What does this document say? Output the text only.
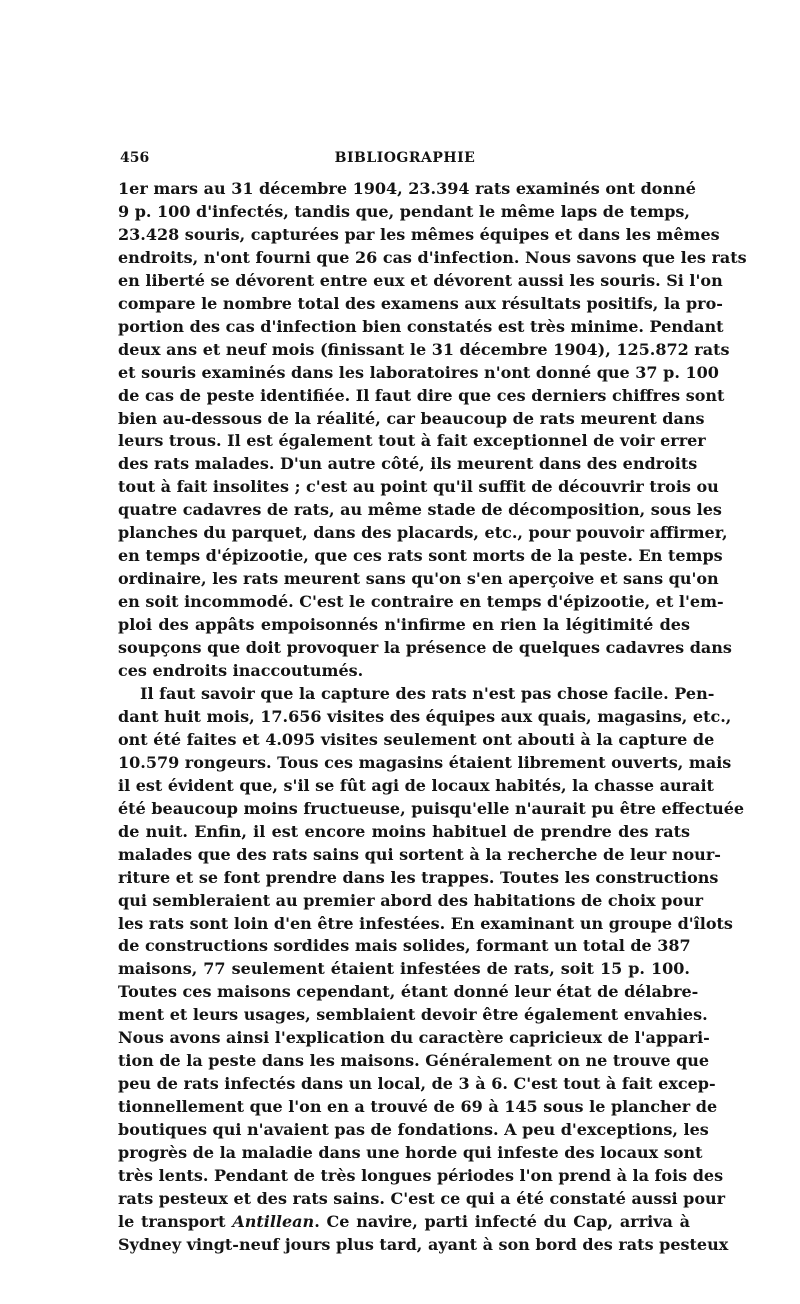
456	BIBLIOGRAPHIE
1er mars au 31 décembre 1904, 23.394 rats examinés ont donné
9 p. 100 d'infectés, tandis que, pendant le même laps de temps,
23.428 souris, capturées par les mêmes équipes et dans les mêmes
endroits, n'ont fourni que 26 cas d'infection. Nous savons que les rats
en liberté se dévorent entre eux et dévorent aussi les souris. Si l'on
compare le nombre total des examens aux résultats positifs, la pro-
portion des cas d'infection bien constatés est très minime. Pendant
deux ans et neuf mois (finissant le 31 décembre 1904), 125.872 rats
et souris examinés dans les laboratoires n'ont donné que 37 p. 100
de cas de peste identifiée. Il faut dire que ces derniers chiffres sont
bien au-dessous de la réalité, car beaucoup de rats meurent dans
leurs trous. Il est également tout à fait exceptionnel de voir errer
des rats malades. D'un autre côté, ils meurent dans des endroits
tout à fait insolites ; c'est au point qu'il suffit de découvrir trois ou
quatre cadavres de rats, au même stade de décomposition, sous les
planches du parquet, dans des placards, etc., pour pouvoir affirmer,
en temps d'épizootie, que ces rats sont morts de la peste. En temps
ordinaire, les rats meurent sans qu'on s'en aperçoive et sans qu'on
en soit incommodé. C'est le contraire en temps d'épizootie, et l'em-
ploi des appâts empoisonnés n'infirme en rien la légitimité des
soupçons que doit provoquer la présence de quelques cadavres dans
ces endroits inaccoutumés.
Il faut savoir que la capture des rats n'est pas chose facile. Pen-
dant huit mois, 17.656 visites des équipes aux quais, magasins, etc.,
ont été faites et 4.095 visites seulement ont abouti à la capture de
10.579 rongeurs. Tous ces magasins étaient librement ouverts, mais
il est évident que, s'il se fût agi de locaux habités, la chasse aurait
été beaucoup moins fructueuse, puisqu'elle n'aurait pu être effectuée
de nuit. Enfin, il est encore moins habituel de prendre des rats
malades que des rats sains qui sortent à la recherche de leur nour-
riture et se font prendre dans les trappes. Toutes les constructions
qui sembleraient au premier abord des habitations de choix pour
les rats sont loin d'en être infestées. En examinant un groupe d'îlots
de constructions sordides mais solides, formant un total de 387
maisons, 77 seulement étaient infestées de rats, soit 15 p. 100.
Toutes ces maisons cependant, étant donné leur état de délabre-
ment et leurs usages, semblaient devoir être également envahies.
Nous avons ainsi l'explication du caractère capricieux de l'appari-
tion de la peste dans les maisons. Généralement on ne trouve que
peu de rats infectés dans un local, de 3 à 6. C'est tout à fait excep-
tionnellement que l'on en a trouvé de 69 à 145 sous le plancher de
boutiques qui n'avaient pas de fondations. A peu d'exceptions, les
progrès de la maladie dans une horde qui infeste des locaux sont
très lents. Pendant de très longues périodes l'on prend à la fois des
rats pesteux et des rats sains. C'est ce qui a été constaté aussi pour
le transport Antillean. Ce navire, parti infecté du Cap, arriva à
Sydney vingt-neuf jours plus tard, ayant à son bord des rats pesteux
